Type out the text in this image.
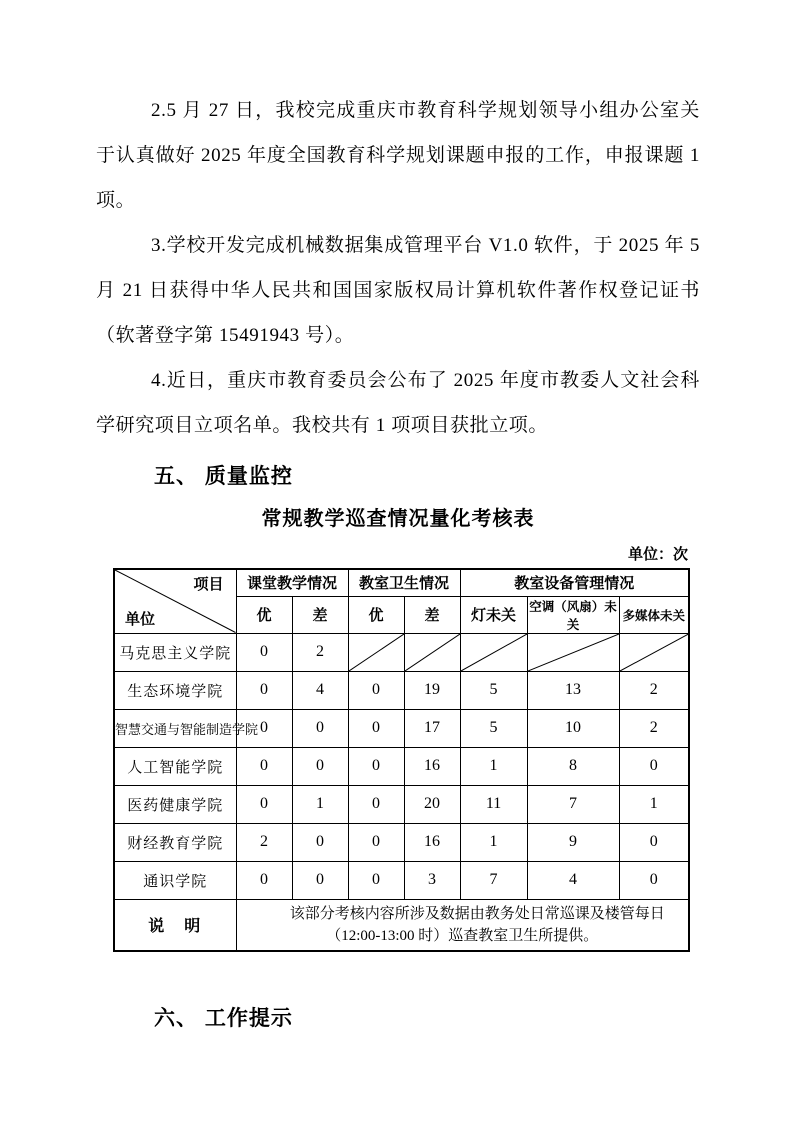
2.5 月 27 日，我校完成重庆市教育科学规划领导小组办公室关于认真做好 2025 年度全国教育科学规划课题申报的工作，申报课题 1 项。

3.学校开发完成机械数据集成管理平台 V1.0 软件，于 2025 年 5 月 21 日获得中华人民共和国国家版权局计算机软件著作权登记证书（软著登字第 15491943 号）。

4.近日，重庆市教育委员会公布了 2025 年度市教委人文社会科学研究项目立项名单。我校共有 1 项项目获批立项。

五、 质量监控
常规教学巡查情况量化考核表
单位：次
项目
单位	课堂教学情况		教室卫生情况		教室设备管理情况		
	优	差	优	差	灯未关	空调（风扇）未关	多媒体未关
马克思主义学院	0	2	

生态环境学院	0	4	0	19	5	13	2
智慧交通与智能制造学院	0	0	0	17	5	10	2
人工智能学院	0	0	0	16	1	8	0
医药健康学院	0	1	0	20	11	7	1
财经教育学院	2	0	0	16	1	9	0
通识学院	0	0	0	3	7	4	0
说　明	该部分考核内容所涉及数据由教务处日常巡课及楼管每日（12:00-13:00 时）巡查教室卫生所提供。						
六、 工作提示
